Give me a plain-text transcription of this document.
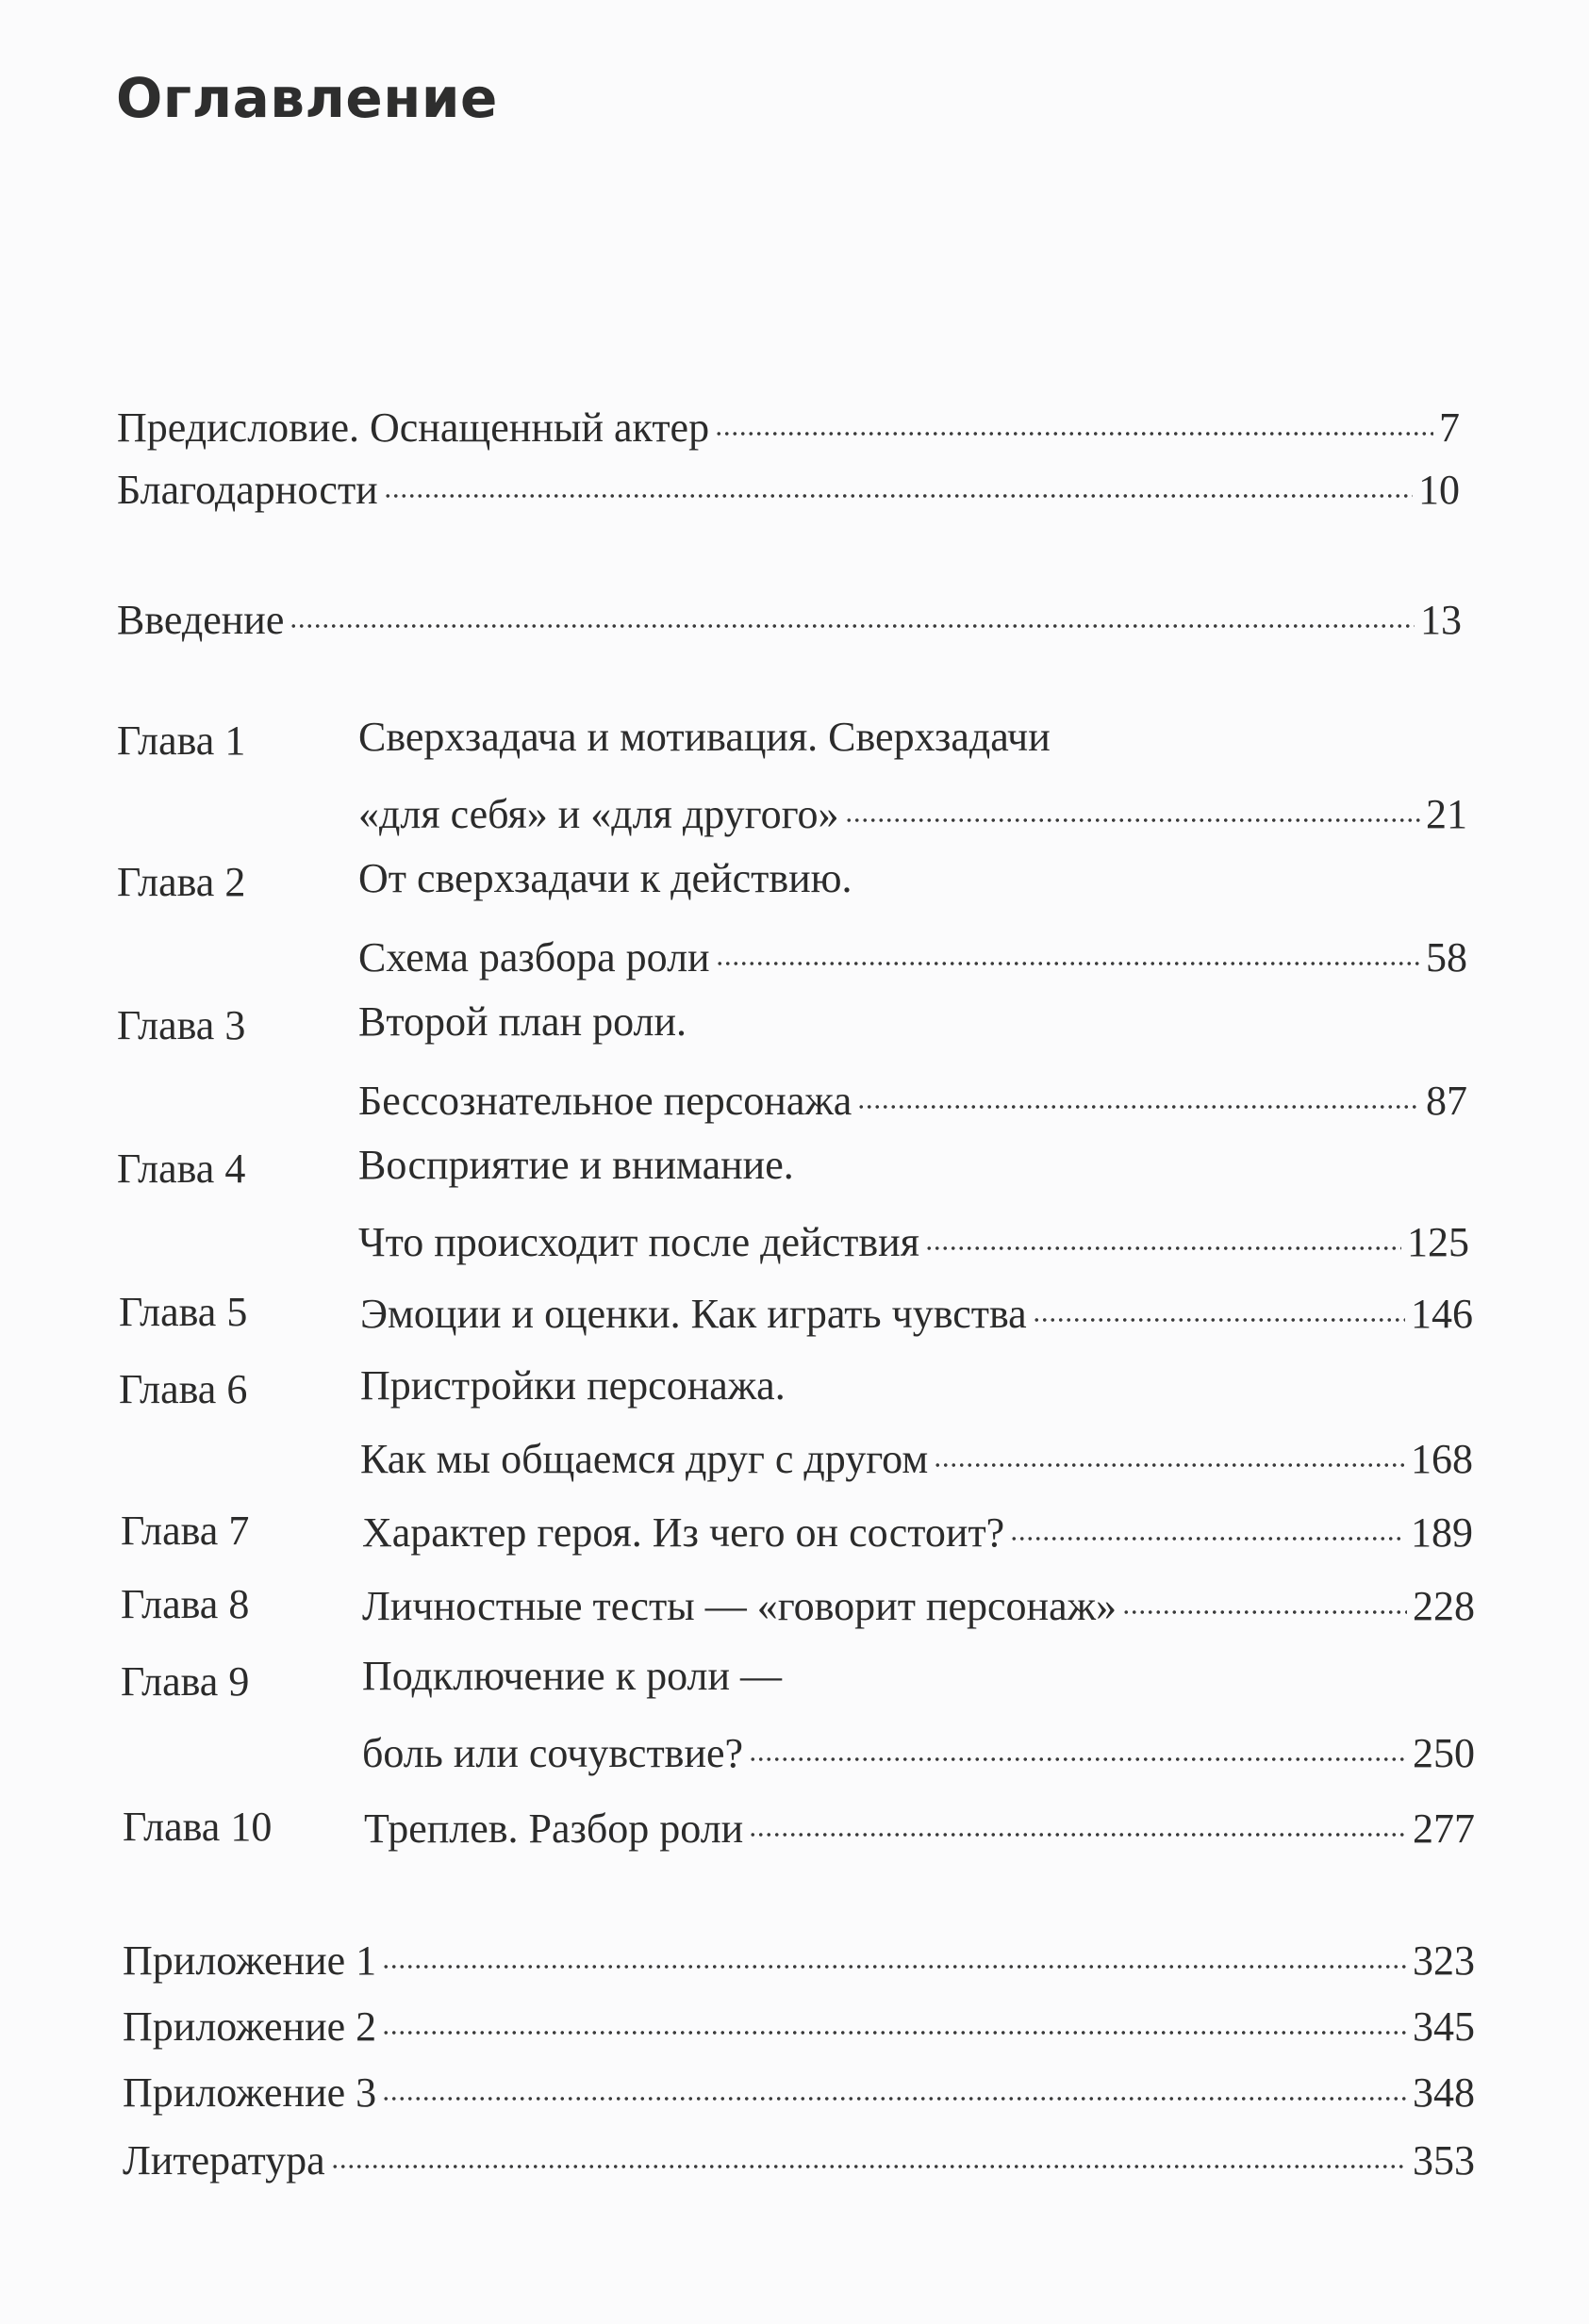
Оглавление
Предисловие. Оснащенный актер	7
Благодарности	10
Введение	13
Глава 1	Сверхзадача и мотивация. Сверхзадачи
«для себя» и «для другого»	21
Глава 2	От сверхзадачи к действию.
Схема разбора роли	58
Глава 3	Второй план роли.
Бессознательное персонажа	87
Глава 4	Восприятие и внимание.
Что происходит после действия	125
Глава 5	Эмоции и оценки. Как играть чувства	146
Глава 6	Пристройки персонажа.
Как мы общаемся друг с другом	168
Глава 7	Характер героя. Из чего он состоит?	189
Глава 8	Личностные тесты — «говорит персонаж»	228
Глава 9	Подключение к роли —
боль или сочувствие?	250
Глава 10 Треплев. Разбор роли	277
Приложение 1	323
Приложение 2	345
Приложение 3	348
Литература	353
